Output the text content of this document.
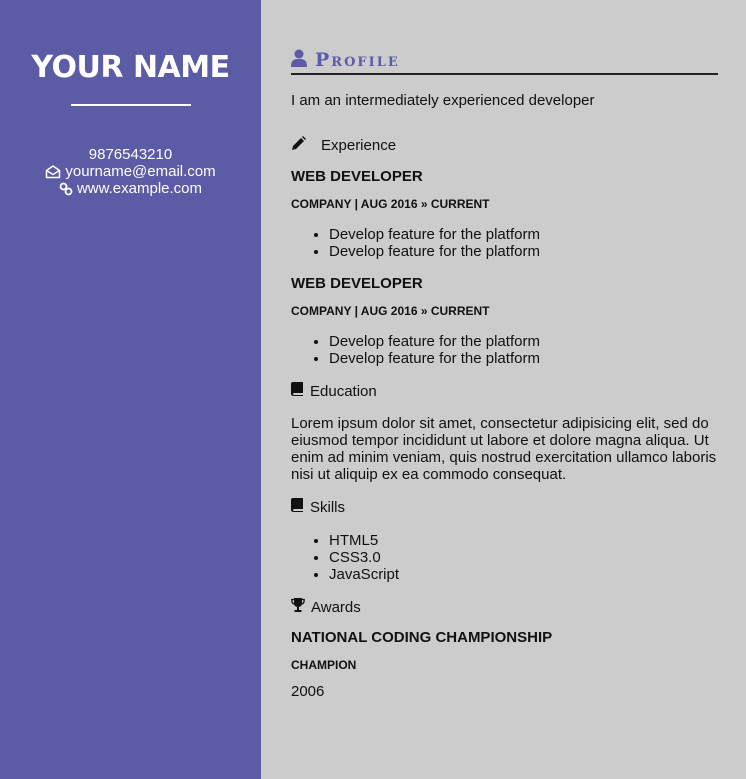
YOUR NAME
9876543210
yourname@email.com
www.example.com
Profile

I am an intermediately experienced developer

Experience

WEB DEVELOPER

COMPANY | AUG 2016 » CURRENT

• Develop feature for the platform
• Develop feature for the platform

WEB DEVELOPER

COMPANY | AUG 2016 » CURRENT

• Develop feature for the platform
• Develop feature for the platform
Education

Lorem ipsum dolor sit amet, consectetur adipisicing elit, sed do eiusmod tempor incididunt ut labore et dolore magna aliqua. Ut enim ad minim veniam, quis nostrud exercitation ullamco laboris nisi ut aliquip ex ea commodo consequat.

Skills
• HTML5
• CSS3.0
• JavaScript
Awards

NATIONAL CODING CHAMPIONSHIP

CHAMPION

2006
